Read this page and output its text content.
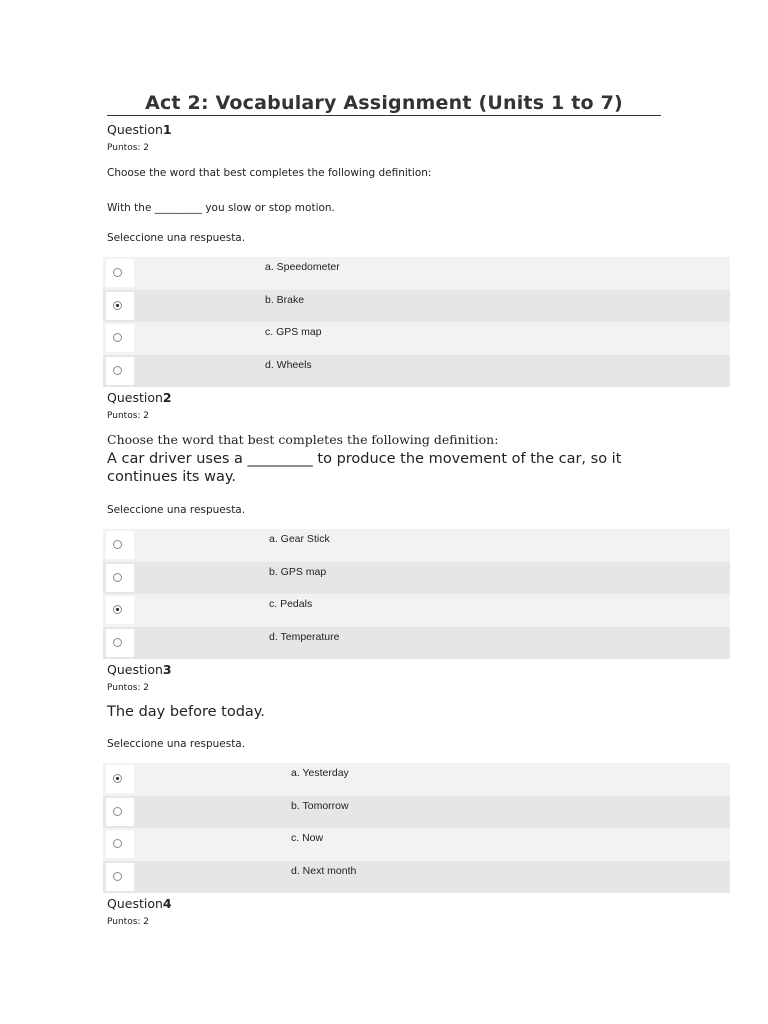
Act 2: Vocabulary Assignment (Units 1 to 7)
Question1
Puntos: 2
Choose the word that best completes the following definition:
With the _________ you slow or stop motion.
Seleccione una respuesta.
a. Speedometer
b. Brake
c. GPS map
d. Wheels
Question2
Puntos: 2
Choose the word that best completes the following definition:
A car driver uses a _________ to produce the movement of the car, so it continues its way.
Seleccione una respuesta.
a. Gear Stick
b. GPS map
c. Pedals
d. Temperature
Question3
Puntos: 2
The day before today.
Seleccione una respuesta.
a. Yesterday
b. Tomorrow
c. Now
d. Next month
Question4
Puntos: 2
